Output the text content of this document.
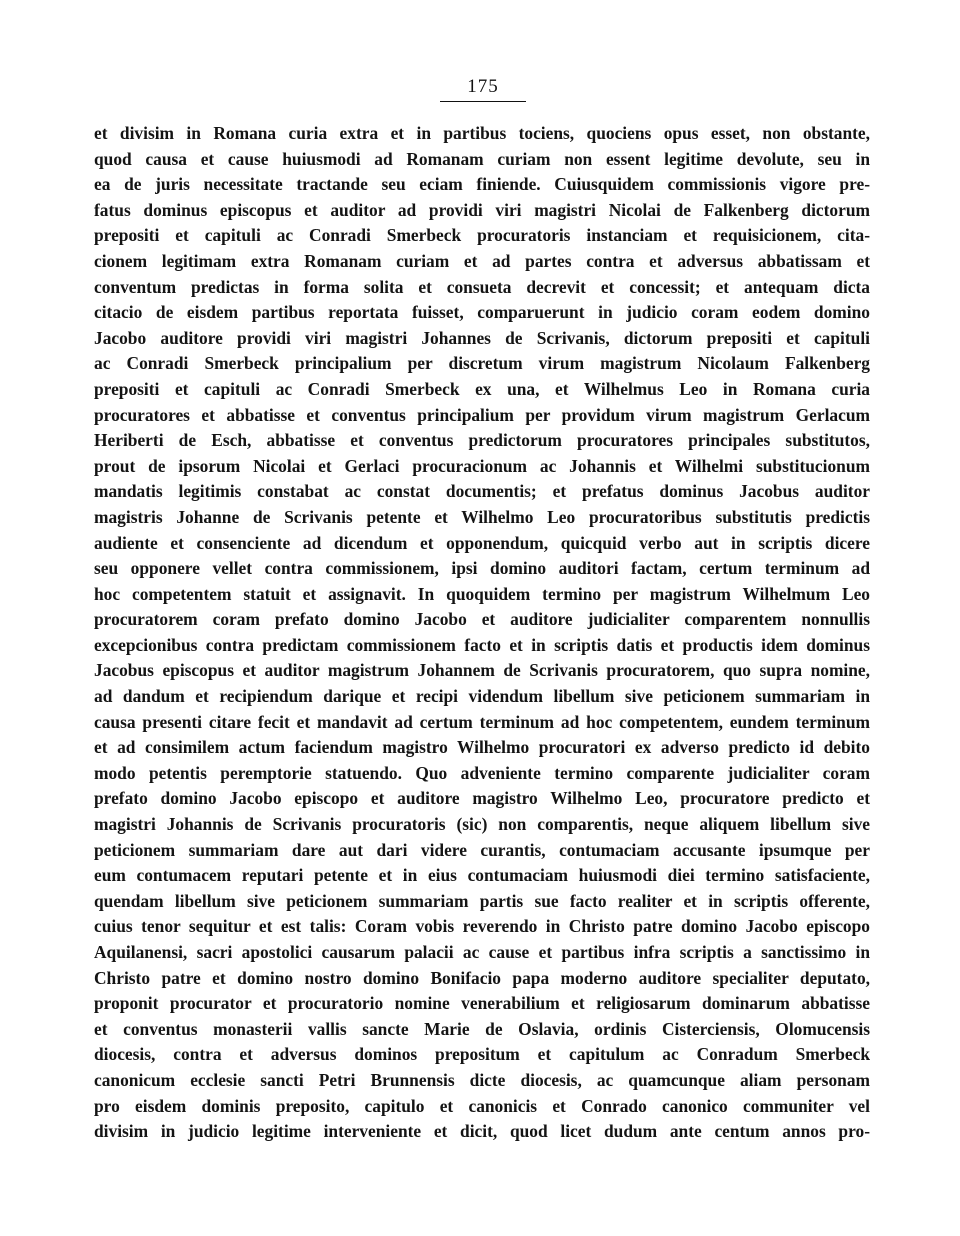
175
et divisim in Romana curia extra et in partibus tociens, quociens opus esset, non obstante,
quod causa et cause huiusmodi ad Romanam curiam non essent legitime devolute, seu in
ea de juris necessitate tractande seu eciam finiende. Cuiusquidem commissionis vigore pre-
fatus dominus episcopus et auditor ad providi viri magistri Nicolai de Falkenberg dictorum
prepositi et capituli ac Conradi Smerbeck procuratoris instanciam et requisicionem, cita-
cionem legitimam extra Romanam curiam et ad partes contra et adversus abbatissam et
conventum predictas in forma solita et consueta decrevit et concessit; et antequam dicta
citacio de eisdem partibus reportata fuisset, comparuerunt in judicio coram eodem domino
Jacobo auditore providi viri magistri Johannes de Scrivanis, dictorum prepositi et capituli
ac Conradi Smerbeck principalium per discretum virum magistrum Nicolaum Falkenberg
prepositi et capituli ac Conradi Smerbeck ex una, et Wilhelmus Leo in Romana curia
procuratores et abbatisse et conventus principalium per providum virum magistrum Gerlacum
Heriberti de Esch, abbatisse et conventus predictorum procuratores principales substitutos,
prout de ipsorum Nicolai et Gerlaci procuracionum ac Johannis et Wilhelmi substitucionum
mandatis legitimis constabat ac constat documentis; et prefatus dominus Jacobus auditor
magistris Johanne de Scrivanis petente et Wilhelmo Leo procuratoribus substitutis predictis
audiente et consenciente ad dicendum et opponendum, quicquid verbo aut in scriptis dicere
seu opponere vellet contra commissionem, ipsi domino auditori factam, certum terminum ad
hoc competentem statuit et assignavit. In quoquidem termino per magistrum Wilhelmum Leo
procuratorem coram prefato domino Jacobo et auditore judicialiter comparentem nonnullis
excepcionibus contra predictam commissionem facto et in scriptis datis et productis idem dominus
Jacobus episcopus et auditor magistrum Johannem de Scrivanis procuratorem, quo supra nomine,
ad dandum et recipiendum darique et recipi videndum libellum sive peticionem summariam in
causa presenti citare fecit et mandavit ad certum terminum ad hoc competentem, eundem terminum
et ad consimilem actum faciendum magistro Wilhelmo procuratori ex adverso predicto id debito
modo petentis peremptorie statuendo. Quo adveniente termino comparente judicialiter coram
prefato domino Jacobo episcopo et auditore magistro Wilhelmo Leo, procuratore predicto et
magistri Johannis de Scrivanis procuratoris (sic) non comparentis, neque aliquem libellum sive
peticionem summariam dare aut dari videre curantis, contumaciam accusante ipsumque per
eum contumacem reputari petente et in eius contumaciam huiusmodi diei termino satisfaciente,
quendam libellum sive peticionem summariam partis sue facto realiter et in scriptis offerente,
cuius tenor sequitur et est talis: Coram vobis reverendo in Christo patre domino Jacobo episcopo
Aquilanensi, sacri apostolici causarum palacii ac cause et partibus infra scriptis a sanctissimo in
Christo patre et domino nostro domino Bonifacio papa moderno auditore specialiter deputato,
proponit procurator et procuratorio nomine venerabilium et religiosarum dominarum abbatisse
et conventus monasterii vallis sancte Marie de Oslavia, ordinis Cisterciensis, Olomucensis
diocesis, contra et adversus dominos prepositum et capitulum ac Conradum Smerbeck
canonicum ecclesie sancti Petri Brunnensis dicte diocesis, ac quamcunque aliam personam
pro eisdem dominis preposito, capitulo et canonicis et Conrado canonico communiter vel
divisim in judicio legitime interveniente et dicit, quod licet dudum ante centum annos pro-
